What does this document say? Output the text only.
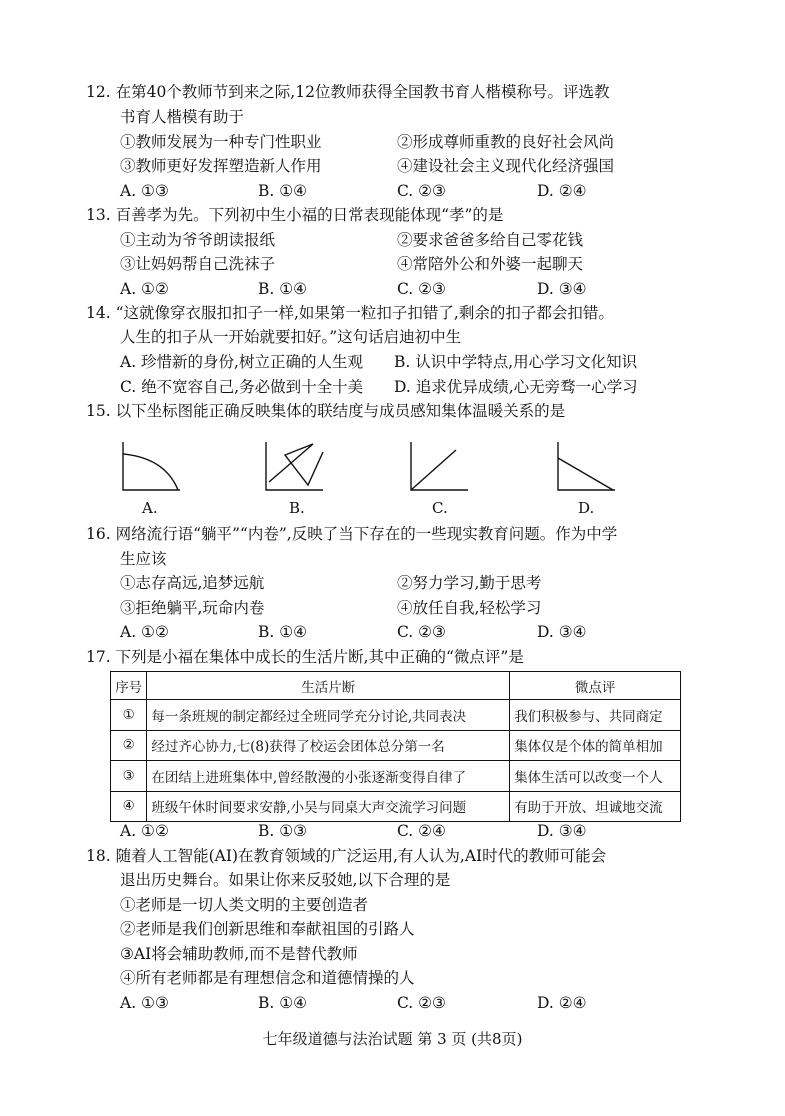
12. 在第40个教师节到来之际,12位教师获得全国教书育人楷模称号。评选教
书育人楷模有助于
①教师发展为一种专门性职业	②形成尊师重教的良好社会风尚
③教师更好发挥塑造新人作用	④建设社会主义现代化经济强国
A. ①③	B. ①④	C. ②③	D. ②④
13. 百善孝为先。下列初中生小福的日常表现能体现“孝”的是
①主动为爷爷朗读报纸	②要求爸爸多给自己零花钱
③让妈妈帮自己洗袜子	④常陪外公和外婆一起聊天
A. ①②	B. ①④	C. ②③	D. ③④
14. “这就像穿衣服扣扣子一样,如果第一粒扣子扣错了,剩余的扣子都会扣错。
人生的扣子从一开始就要扣好。”这句话启迪初中生
A. 珍惜新的身份,树立正确的人生观 B. 认识中学特点,用心学习文化知识
C. 绝不宽容自己,务必做到十全十美 D. 追求优异成绩,心无旁骛一心学习
15. 以下坐标图能正确反映集体的联结度与成员感知集体温暖关系的是
A.	B.	C.	D.
16. 网络流行语“躺平”“内卷”,反映了当下存在的一些现实教育问题。作为中学
生应该
①志存高远,追梦远航	②努力学习,勤于思考
③拒绝躺平,玩命内卷	④放任自我,轻松学习
A. ①②	B. ①④	C. ②③	D. ③④
17. 下列是小福在集体中成长的生活片断,其中正确的“微点评”是
序号	生活片断	微点评
①	每一条班规的制定都经过全班同学充分讨论,共同表决	我们积极参与、共同商定
②	经过齐心协力,七(8)获得了校运会团体总分第一名	集体仅是个体的简单相加
③	在团结上进班集体中,曾经散漫的小张逐渐变得自律了	集体生活可以改变一个人
④	班级午休时间要求安静,小吴与同桌大声交流学习问题	有助于开放、坦诚地交流
A. ①②	B. ①③	C. ②④	D. ③④
18. 随着人工智能(AI)在教育领域的广泛运用,有人认为,AI时代的教师可能会
退出历史舞台。如果让你来反驳她,以下合理的是
①老师是一切人类文明的主要创造者
②老师是我们创新思维和奉献祖国的引路人
③AI将会辅助教师,而不是替代教师
④所有老师都是有理想信念和道德情操的人
A. ①③	B. ①④	C. ②③	D. ②④
七年级道德与法治试题 第 3 页 (共8页)
